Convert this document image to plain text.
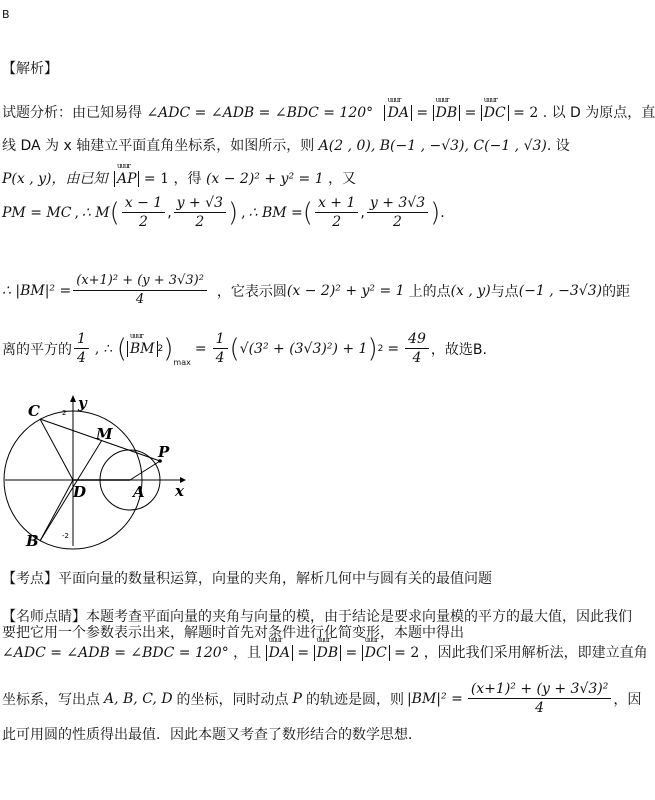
B
【解析】
试题分析：由已知易得 ∠ADC = ∠ADB = ∠BDC = 120° uuur DA = uuur DB = uuur DC = 2 . 以 D 为原点，直
线 DA 为 x 轴建立平面直角坐标系，如图所示，则 A(2 , 0), B(−1 , −√3), C(−1 , √3). 设
P(x , y)，由已知 uuur AP = 1 ，得 (x − 2)² + y² = 1 ，又
PM = MC , ∴ M ( $\frac{x - 1}{2}$ , $\frac{y + √3}{2}$ ) , ∴ BM = ( $\frac{x + 1}{2}$ , $\frac{y + 3√3}{2}$ ) .
∴ $|BM|^2 = \frac{\text{(x+1)² + (y + 3√3)²}}{4}$ ，它表示圆 (x − 2)² + y² = 1 上的点 (x , y) 与点 (−1 , −3√3) 的距
离的平方的 $\frac{1}{4}$ , ∴ ( uuur BM 2 )$_{max}$
= $\frac{1}{4}$ ( √(3² + (3√3)²) + 1 ) $2 = \frac{49}{4}$ ，故选B.
C
M
P
D	A
B
x
y
2
-2
【考点】平面向量的数量积运算，向量的夹角，解析几何中与圆有关的最值问题
【名师点睛】本题考查平面向量的夹角与向量的模，由于结论是要求向量模的平方的最大值，因此我们
要把它用一个参数表示出来，解题时首先对条件进行化简变形，本题中得出
∠ADC = ∠ADB = ∠BDC = 120° ，且 uuur DA = uuur DB = uuur DC = 2 ，因此我们采用解析法，即建立直角
坐标系，写出点 A, B, C, D 的坐标，同时动点 P 的轨迹是圆，则 $|BM|^2 = \frac{\text{(x+1)² + (y + 3√3)²}}{4}$ ，因
此可用圆的性质得出最值．因此本题又考查了数形结合的数学思想．
